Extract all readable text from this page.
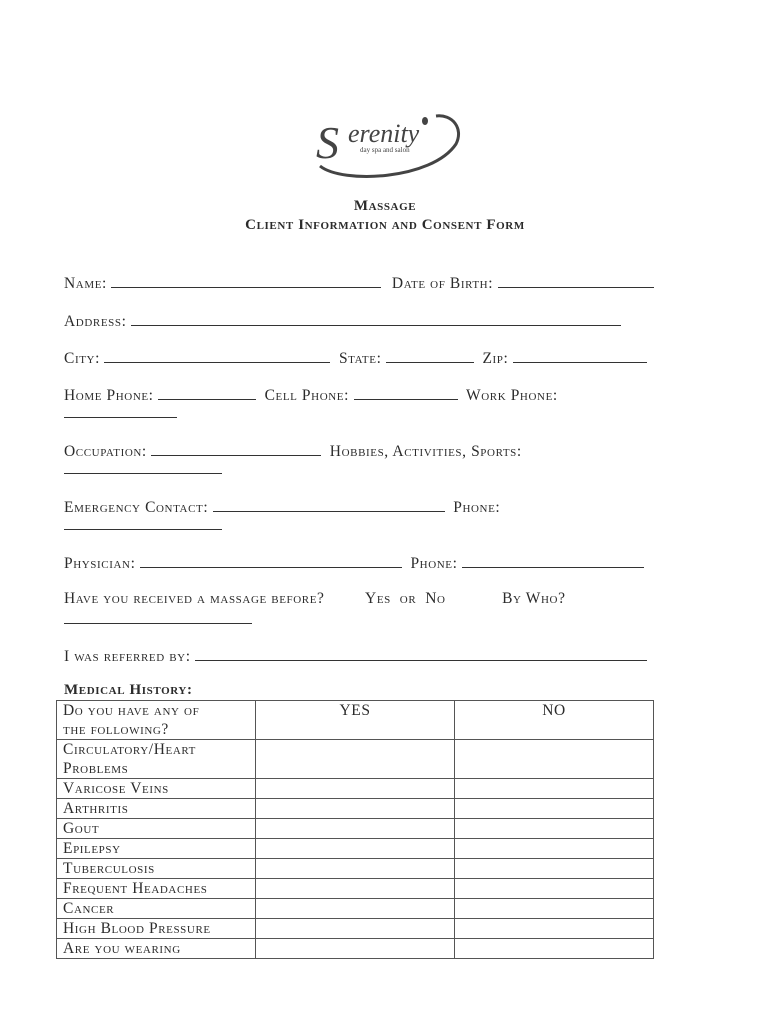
S erenity
day spa and salon
Massage
Client Information and Consent Form
Name:	Date of Birth:
Address:
City:	State:	Zip:
Home Phone:	Cell Phone:	Work Phone:
Occupation:	Hobbies, Activities, Sports:
Emergency Contact:	Phone:
Physician:	Phone:
Have you received a massage before?	Yes  or  No	By Who?
I was referred by:
Medical History:
Do you have any of
the following?	YES	NO

Circulatory/Heart
Problems		

Varicose Veins		
Arthritis		
Gout		
Epilepsy		
Tuberculosis		
Frequent Headaches		
Cancer		
High Blood Pressure		
Are you wearing		
